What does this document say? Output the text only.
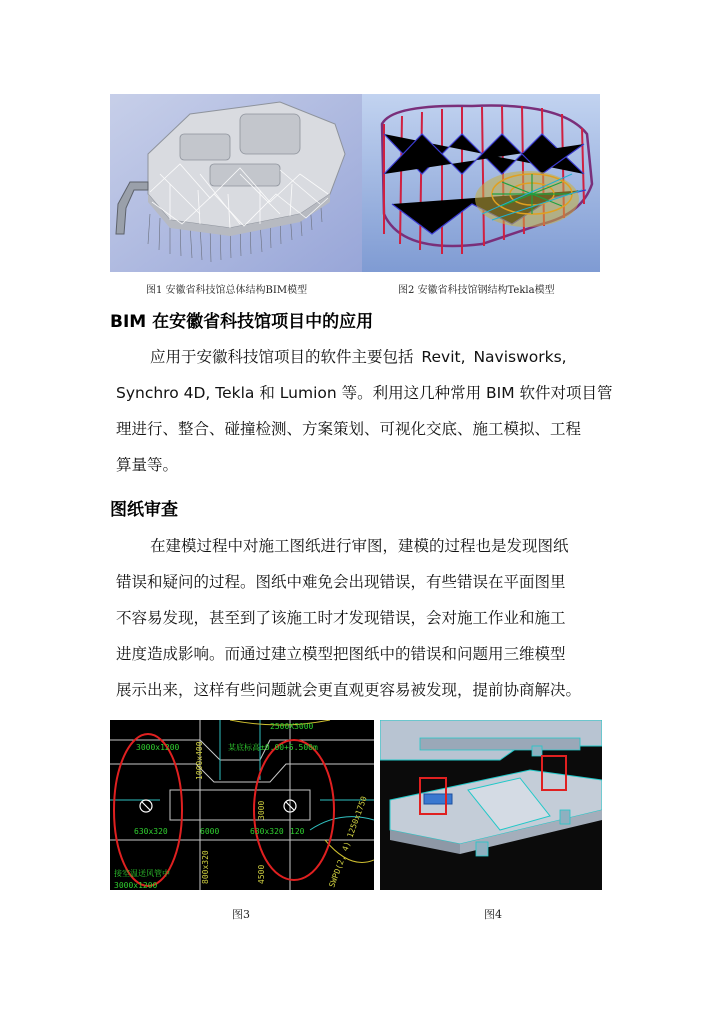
图1 安徽省科技馆总体结构BIM模型	图2 安徽省科技馆钢结构Tekla模型
BIM 在安徽省科技馆项目中的应用
应用于安徽科技馆项目的软件主要包括 Revit, Navisworks,
Synchro 4D, Tekla 和 Lumion 等。利用这几种常用 BIM 软件对项目管
理进行、整合、碰撞检测、方案策划、可视化交底、施工模拟、工程
算量等。
图纸审查
在建模过程中对施工图纸进行审图，建模的过程也是发现图纸
错误和疑问的过程。图纸中难免会出现错误，有些错误在平面图里
不容易发现，甚至到了该施工时才发现错误，会对施工作业和施工
进度造成影响。而通过建立模型把图纸中的错误和问题用三维模型
展示出来，这样有些问题就会更直观更容易被发现，提前协商解决。
3000x1200	某底标高±0.00+5.500m
2500X3000
630x320	6000	630x320 120
接室温送风管中
3000x1200
1000x400
3000
4500
800x320	SWPD(2, 4) 1250x1750
图3	图4
